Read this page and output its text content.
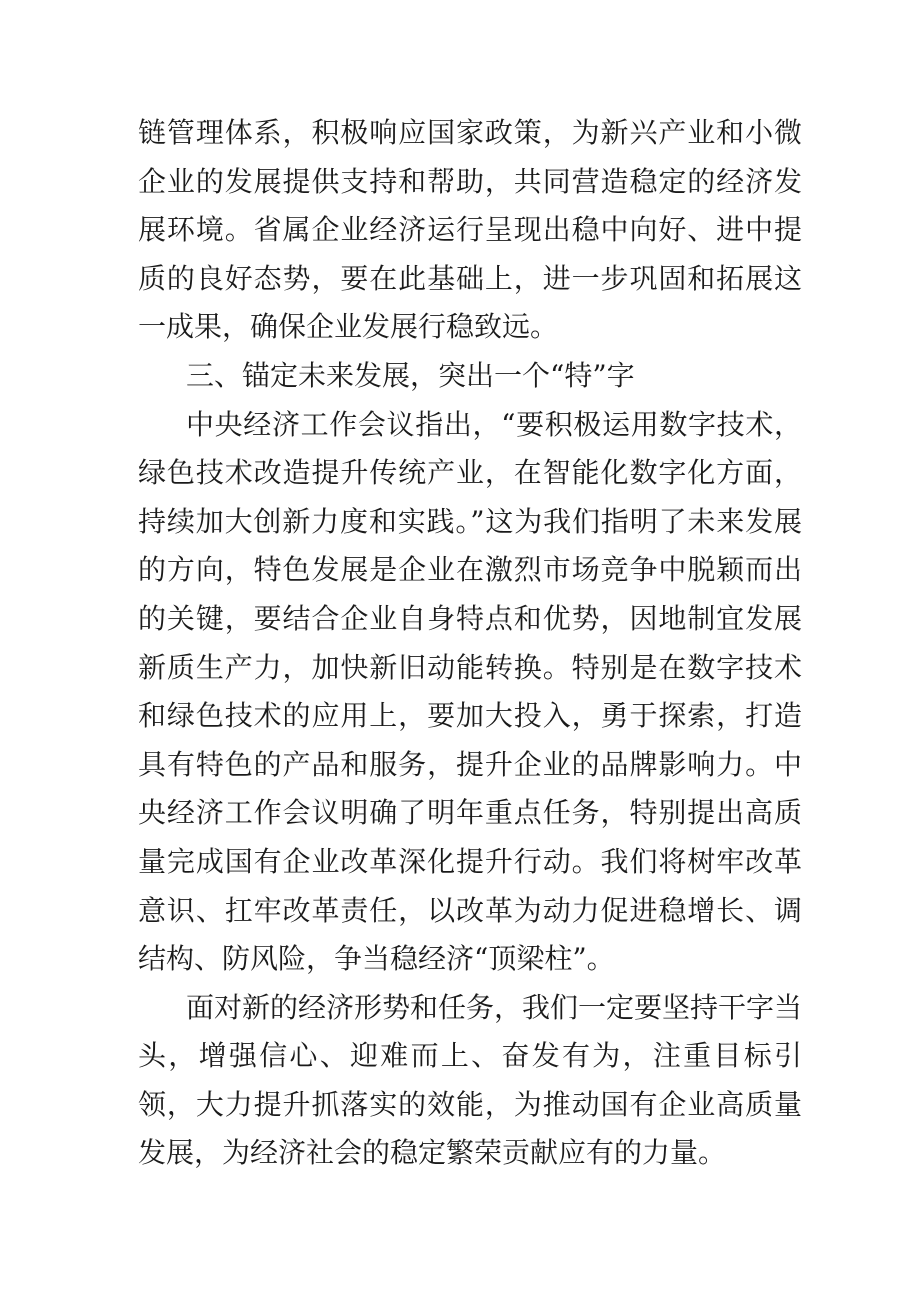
链管理体系，积极响应国家政策，为新兴产业和小微企业的发展提供支持和帮助，共同营造稳定的经济发展环境。省属企业经济运行呈现出稳中向好、进中提质的良好态势，要在此基础上，进一步巩固和拓展这一成果，确保企业发展行稳致远。

三、锚定未来发展，突出一个“特”字

中央经济工作会议指出，“要积极运用数字技术，绿色技术改造提升传统产业，在智能化数字化方面，持续加大创新力度和实践。”这为我们指明了未来发展的方向，特色发展是企业在激烈市场竞争中脱颖而出的关键，要结合企业自身特点和优势，因地制宜发展新质生产力，加快新旧动能转换。特别是在数字技术和绿色技术的应用上，要加大投入，勇于探索，打造具有特色的产品和服务，提升企业的品牌影响力。中央经济工作会议明确了明年重点任务，特别提出高质量完成国有企业改革深化提升行动。我们将树牢改革意识、扛牢改革责任，以改革为动力促进稳增长、调结构、防风险，争当稳经济“顶梁柱”。

面对新的经济形势和任务，我们一定要坚持干字当头，增强信心、迎难而上、奋发有为，注重目标引领，大力提升抓落实的效能，为推动国有企业高质量发展，为经济社会的稳定繁荣贡献应有的力量。
